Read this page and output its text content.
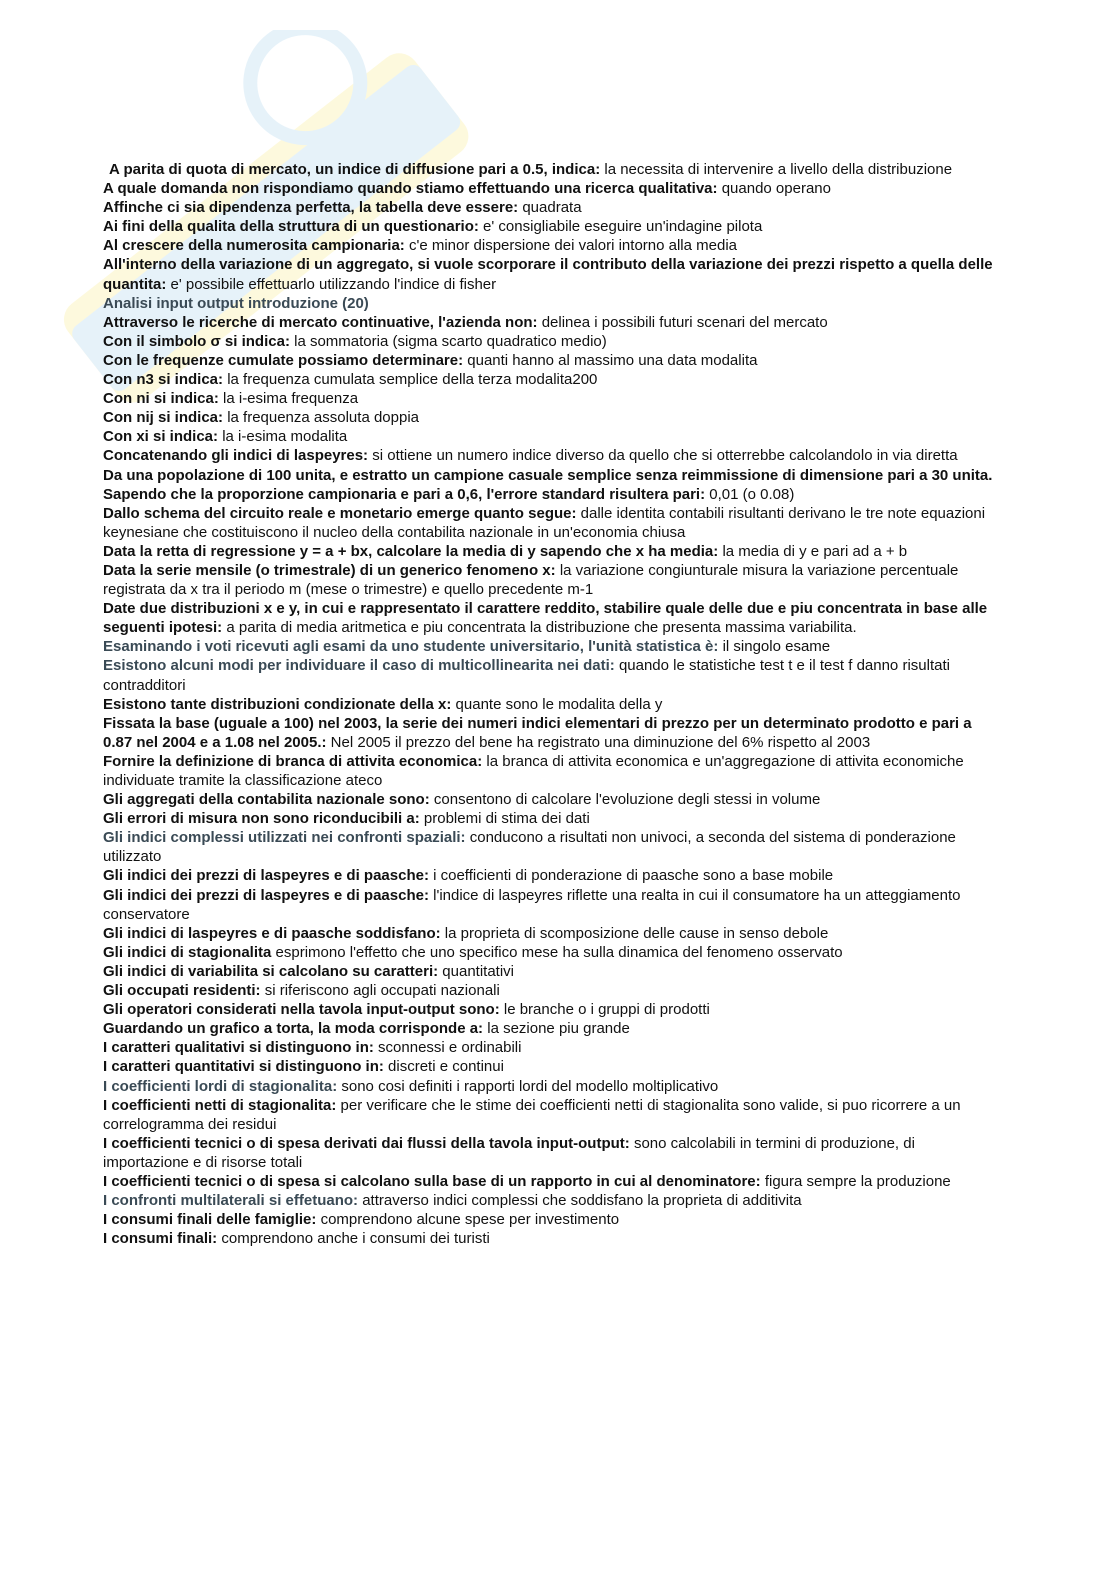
A parita di quota di mercato, un indice di diffusione pari a 0.5, indica: la necessita di intervenire a livello della distribuzione

A quale domanda non rispondiamo quando stiamo effettuando una ricerca qualitativa: quando operano

Affinche ci sia dipendenza perfetta, la tabella deve essere: quadrata

Ai fini della qualita della struttura di un questionario: e' consigliabile eseguire un'indagine pilota

Al crescere della numerosita campionaria: c'e minor dispersione dei valori intorno alla media

All'interno della variazione di un aggregato, si vuole scorporare il contributo della variazione dei prezzi rispetto a quella delle quantita: e' possibile effettuarlo utilizzando l'indice di fisher

Analisi input output introduzione (20)

Attraverso le ricerche di mercato continuative, l'azienda non: delinea i possibili futuri scenari del mercato

Con il simbolo σ si indica: la sommatoria (sigma scarto quadratico medio)

Con le frequenze cumulate possiamo determinare: quanti hanno al massimo una data modalita

Con n3 si indica: la frequenza cumulata semplice della terza modalita200

Con ni si indica: la i-esima frequenza

Con nij si indica: la frequenza assoluta doppia

Con xi si indica: la i-esima modalita

Concatenando gli indici di laspeyres: si ottiene un numero indice diverso da quello che si otterrebbe calcolandolo in via diretta

Da una popolazione di 100 unita, e estratto un campione casuale semplice senza reimmissione di dimensione pari a 30 unita. Sapendo che la proporzione campionaria e pari a 0,6, l'errore standard risultera pari: 0,01 (o 0.08)

Dallo schema del circuito reale e monetario emerge quanto segue: dalle identita contabili risultanti derivano le tre note equazioni keynesiane che costituiscono il nucleo della contabilita nazionale in un'economia chiusa

Data la retta di regressione y = a + bx, calcolare la media di y sapendo che x ha media: la media di y e pari ad a + b

Data la serie mensile (o trimestrale) di un generico fenomeno x: la variazione congiunturale misura la variazione percentuale registrata da x tra il periodo m (mese o trimestre) e quello precedente m-1

Date due distribuzioni x e y, in cui e rappresentato il carattere reddito, stabilire quale delle due e piu concentrata in base alle seguenti ipotesi: a parita di media aritmetica e piu concentrata la distribuzione che presenta massima variabilita.

Esaminando i voti ricevuti agli esami da uno studente universitario, l'unità statistica è: il singolo esame

Esistono alcuni modi per individuare il caso di multicollinearita nei dati: quando le statistiche test t e il test f danno risultati contradditori

Esistono tante distribuzioni condizionate della x: quante sono le modalita della y

Fissata la base (uguale a 100) nel 2003, la serie dei numeri indici elementari di prezzo per un determinato prodotto e pari a 0.87 nel 2004 e a 1.08 nel 2005.: Nel 2005 il prezzo del bene ha registrato una diminuzione del 6% rispetto al 2003

Fornire la definizione di branca di attivita economica: la branca di attivita economica e un'aggregazione di attivita economiche individuate tramite la classificazione ateco

Gli aggregati della contabilita nazionale sono: consentono di calcolare l'evoluzione degli stessi in volume

Gli errori di misura non sono riconducibili a: problemi di stima dei dati

Gli indici complessi utilizzati nei confronti spaziali: conducono a risultati non univoci, a seconda del sistema di ponderazione utilizzato

Gli indici dei prezzi di laspeyres e di paasche: i coefficienti di ponderazione di paasche sono a base mobile

Gli indici dei prezzi di laspeyres e di paasche: l'indice di laspeyres riflette una realta in cui il consumatore ha un atteggiamento conservatore

Gli indici di laspeyres e di paasche soddisfano: la proprieta di scomposizione delle cause in senso debole

Gli indici di stagionalita esprimono l'effetto che uno specifico mese ha sulla dinamica del fenomeno osservato

Gli indici di variabilita si calcolano su caratteri: quantitativi

Gli occupati residenti: si riferiscono agli occupati nazionali

Gli operatori considerati nella tavola input-output sono: le branche o i gruppi di prodotti

Guardando un grafico a torta, la moda corrisponde a: la sezione piu grande

I caratteri qualitativi si distinguono in: sconnessi e ordinabili

I caratteri quantitativi si distinguono in: discreti e continui

I coefficienti lordi di stagionalita: sono cosi definiti i rapporti lordi del modello moltiplicativo

I coefficienti netti di stagionalita: per verificare che le stime dei coefficienti netti di stagionalita sono valide, si puo ricorrere a un correlogramma dei residui

I coefficienti tecnici o di spesa derivati dai flussi della tavola input-output: sono calcolabili in termini di produzione, di importazione e di risorse totali

I coefficienti tecnici o di spesa si calcolano sulla base di un rapporto in cui al denominatore: figura sempre la produzione

I confronti multilaterali si effetuano: attraverso indici complessi che soddisfano la proprieta di additivita

I consumi finali delle famiglie: comprendono alcune spese per investimento

I consumi finali: comprendono anche i consumi dei turisti
